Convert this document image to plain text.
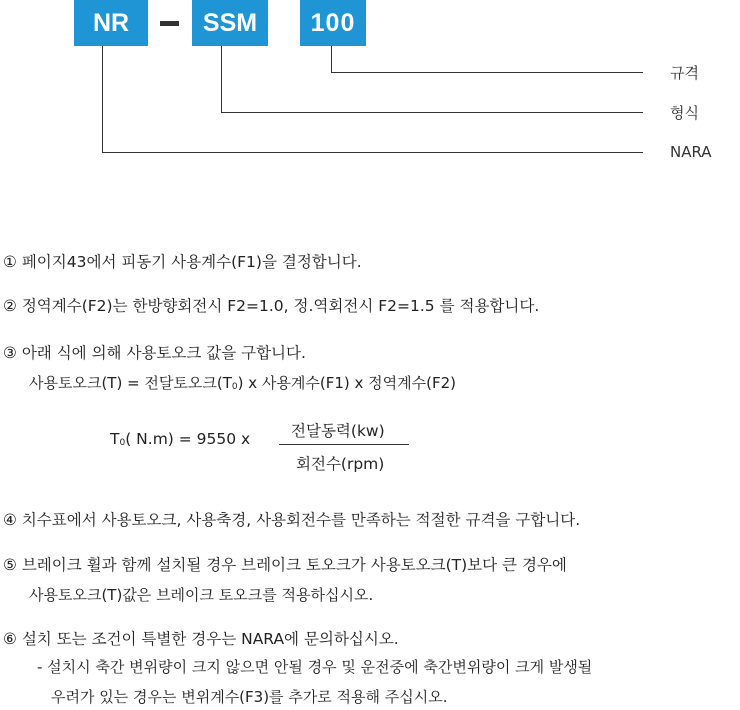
NR	SSM	100
규격
형식
NARA
① 페이지43에서 피동기 사용계수(F1)을 결정합니다.
② 정역계수(F2)는 한방향회전시 F2=1.0, 정.역회전시 F2=1.5 를 적용합니다.
③ 아래 식에 의해 사용토오크 값을 구합니다.
사용토오크(T) = 전달토오크$(T_0)$ x 사용계수(F1) x 정역계수(F2)
$T_0$( N.m) = 9550 x	전달동력(kw)
회전수(rpm)
④ 치수표에서 사용토오크, 사용축경, 사용회전수를 만족하는 적절한 규격을 구합니다.
⑤ 브레이크 휠과 함께 설치될 경우 브레이크 토오크가 사용토오크(T)보다 큰 경우에
사용토오크(T)값은 브레이크 토오크를 적용하십시오.
⑥ 설치 또는 조건이 특별한 경우는 NARA에 문의하십시오.
- 설치시 축간 변위량이 크지 않으면 안될 경우 및 운전중에 축간변위량이 크게 발생될
우려가 있는 경우는 변위계수(F3)를 추가로 적용해 주십시오.
